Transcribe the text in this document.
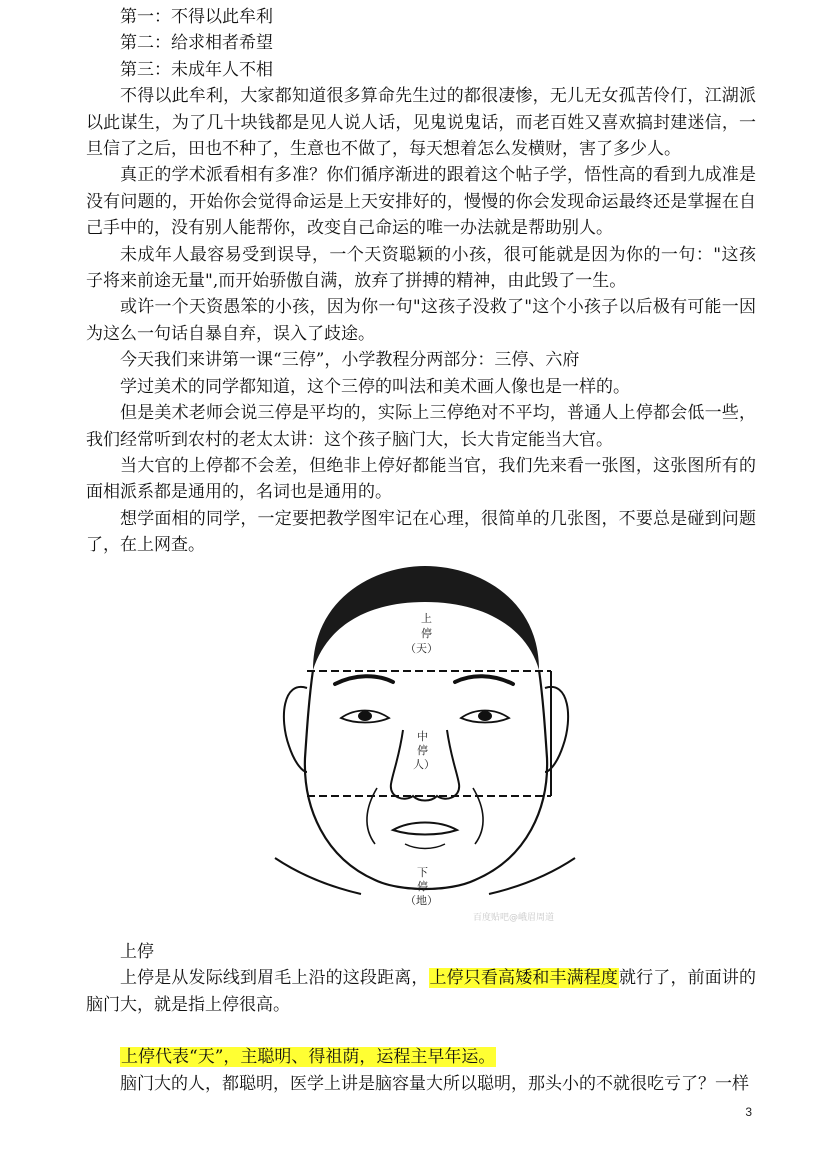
第一：不得以此牟利

第二：给求相者希望

第三：未成年人不相

不得以此牟利，大家都知道很多算命先生过的都很凄惨，无儿无女孤苦伶仃，江湖派以此谋生，为了几十块钱都是见人说人话，见鬼说鬼话，而老百姓又喜欢搞封建迷信，一旦信了之后，田也不种了，生意也不做了，每天想着怎么发横财，害了多少人。

真正的学术派看相有多准？你们循序渐进的跟着这个帖子学，悟性高的看到九成准是没有问题的，开始你会觉得命运是上天安排好的，慢慢的你会发现命运最终还是掌握在自己手中的，没有别人能帮你，改变自己命运的唯一办法就是帮助别人。

未成年人最容易受到误导，一个天资聪颖的小孩，很可能就是因为你的一句："这孩子将来前途无量",而开始骄傲自满，放弃了拼搏的精神，由此毁了一生。

或许一个天资愚笨的小孩，因为你一句"这孩子没救了"这个小孩子以后极有可能一因为这么一句话自暴自弃，误入了歧途。

今天我们来讲第一课“三停”，小学教程分两部分：三停、六府

学过美术的同学都知道，这个三停的叫法和美术画人像也是一样的。

但是美术老师会说三停是平均的，实际上三停绝对不平均，普通人上停都会低一些，我们经常听到农村的老太太讲：这个孩子脑门大，长大肯定能当大官。

当大官的上停都不会差，但绝非上停好都能当官，我们先来看一张图，这张图所有的面相派系都是通用的，名词也是通用的。

想学面相的同学，一定要把教学图牢记在心理，很简单的几张图，不要总是碰到问题了，在上网查。

上
停
（天）
中
停
人）
下
停
（地）
百度贴吧@峨眉周道

上停

上停是从发际线到眉毛上沿的这段距离，上停只看高矮和丰满程度就行了，前面讲的脑门大，就是指上停很高。

上停代表“天”，主聪明、得祖荫，运程主早年运。

脑门大的人，都聪明，医学上讲是脑容量大所以聪明，那头小的不就很吃亏了？一样

3
